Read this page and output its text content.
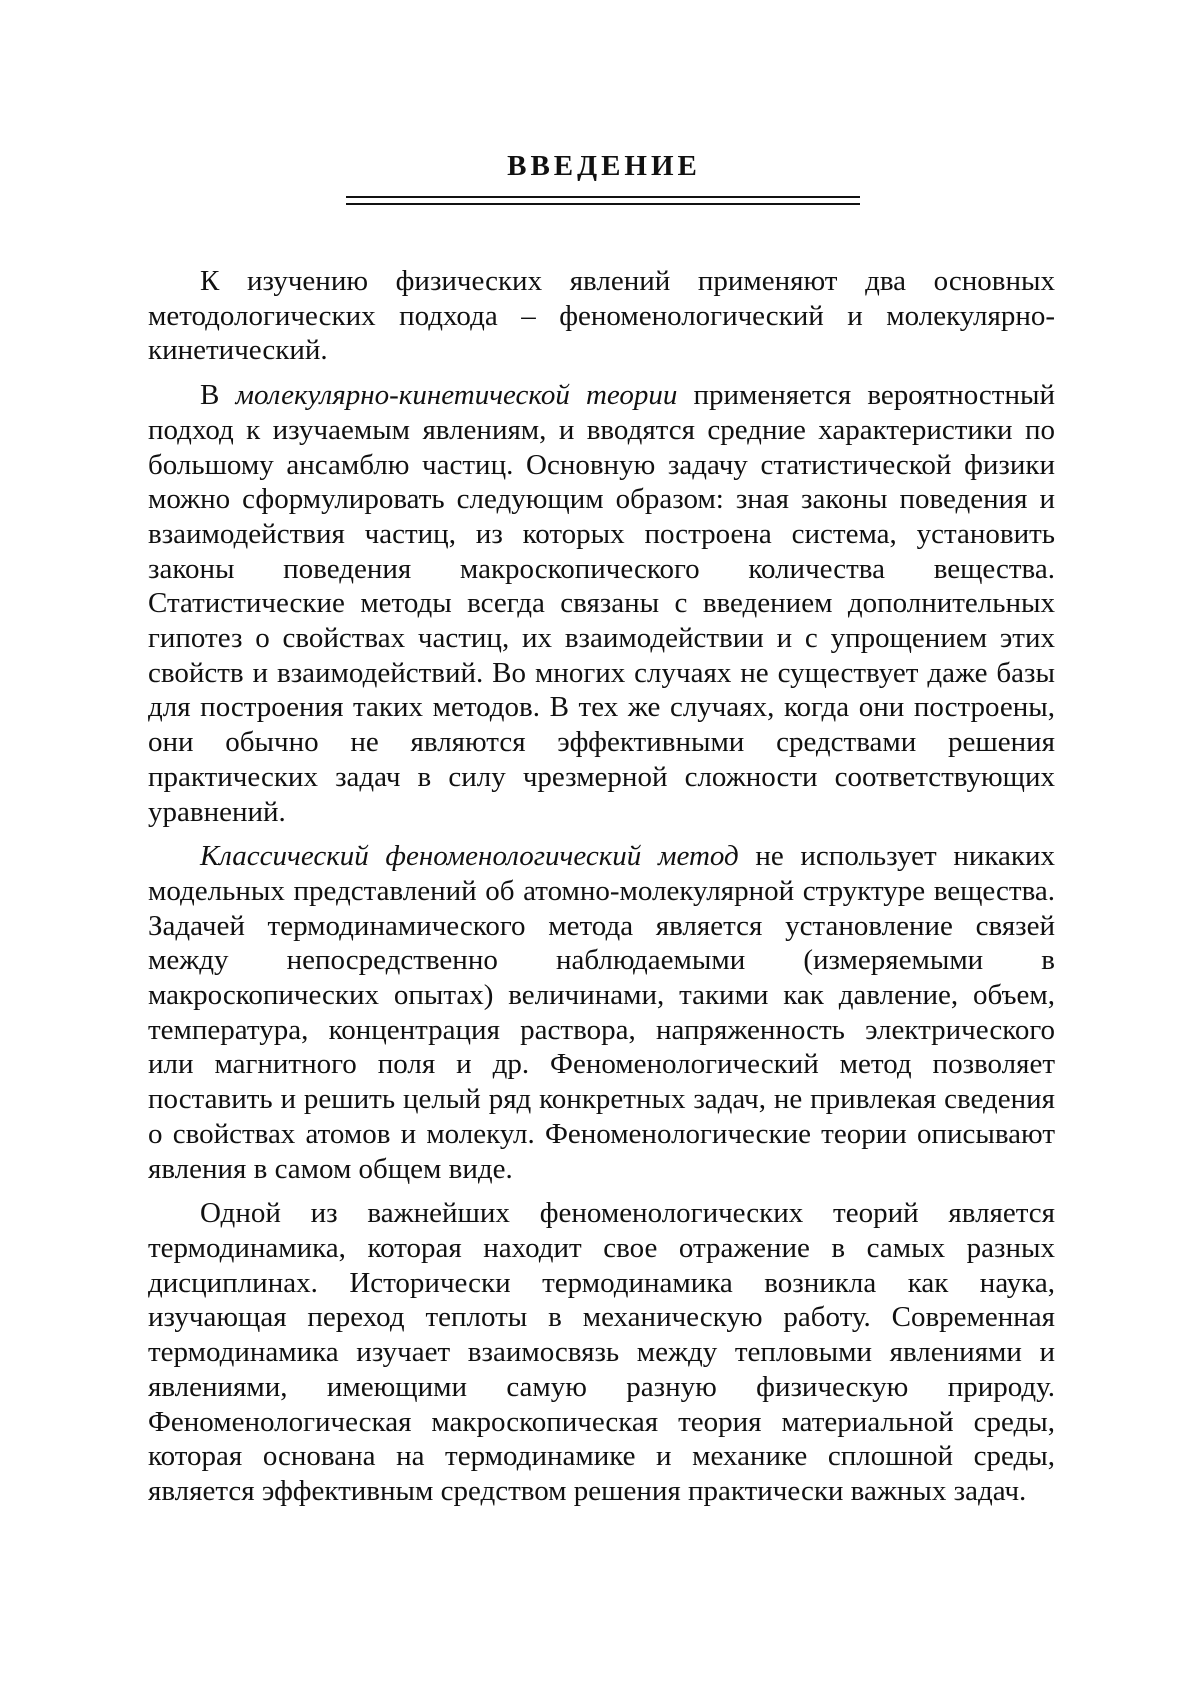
ВВЕДЕНИЕ

К изучению физических явлений применяют два основных методологических подхода – феноменологический и молекулярно-кинетический.

В молекулярно-кинетической теории применяется вероятностный подход к изучаемым явлениям, и вводятся средние характеристики по большому ансамблю частиц. Основную задачу статистической физики можно сформулировать следующим образом: зная законы поведения и взаимодействия частиц, из которых построена система, установить законы поведения макроскопического количества вещества. Статистические методы всегда связаны с введением дополнительных гипотез о свойствах частиц, их взаимодействии и с упрощением этих свойств и взаимодействий. Во многих случаях не существует даже базы для построения таких методов. В тех же случаях, когда они построены, они обычно не являются эффективными средствами решения практических задач в силу чрезмерной сложности соответствующих уравнений.

Классический феноменологический метод не использует никаких модельных представлений об атомно-молекулярной структуре вещества. Задачей термодинамического метода является установление связей между непосредственно наблюдаемыми (измеряемыми в макроскопических опытах) величинами, такими как давление, объем, температура, концентрация раствора, напряженность электрического или магнитного поля и др. Феноменологический метод позволяет поставить и решить целый ряд конкретных задач, не привлекая сведения о свойствах атомов и молекул. Феноменологические теории описывают явления в самом общем виде.

Одной из важнейших феноменологических теорий является термодинамика, которая находит свое отражение в самых разных дисциплинах. Исторически термодинамика возникла как наука, изучающая переход теплоты в механическую работу. Современная термодинамика изучает взаимосвязь между тепловыми явлениями и явлениями, имеющими самую разную физическую природу. Феноменологическая макроскопическая теория материальной среды, которая основана на термодинамике и механике сплошной среды, является эффективным средством решения практически важных задач.
